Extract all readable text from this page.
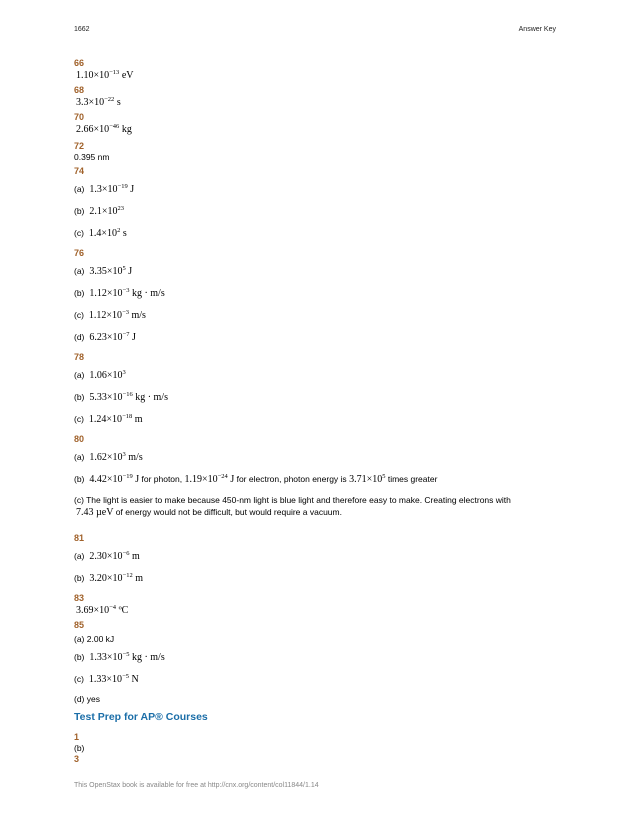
1662	Answer Key
66
$1.10\times 10^{-13}$ eV
68
$3.3\times 10^{-22}$ s
70
$2.66\times 10^{-46}$ kg
72
0.395 nm
74
(a) $1.3\times 10^{-19}$ J
(b) $2.1\times 10^{23}$
(c) $1.4\times 10^2$ s
76
(a) $3.35\times 10^5$ J
(b) $1.12\times 10^{-3}$ kg · m/s
(c) $1.12\times 10^{-3}$ m/s
(d) $6.23\times 10^{-7}$ J
78
(a) $1.06\times 10^3$
(b) $5.33\times 10^{-16}$ kg · m/s
(c) $1.24\times 10^{-18}$ m
80
(a) $1.62\times 10^3$ m/s
(b) $4.42\times 10^{-19}$ J for photon, $1.19\times 10^{-24}$ J for electron, photon energy is $3.71\times 10^5$ times greater
(c) The light is easier to make because 450-nm light is blue light and therefore easy to make. Creating electrons with
7.43 µeV of energy would not be difficult, but would require a vacuum.
81
(a) $2.30\times 10^{-6}$ m
(b) $3.20\times 10^{-12}$ m
83
$3.69\times 10^{-4}$ ºC
85
(a) 2.00 kJ
(b) $1.33\times 10^{-5}$ kg · m/s
(c) $1.33\times 10^{-5}$ N
(d) yes
Test Prep for AP® Courses
1
(b)
3
This OpenStax book is available for free at http://cnx.org/content/col11844/1.14
